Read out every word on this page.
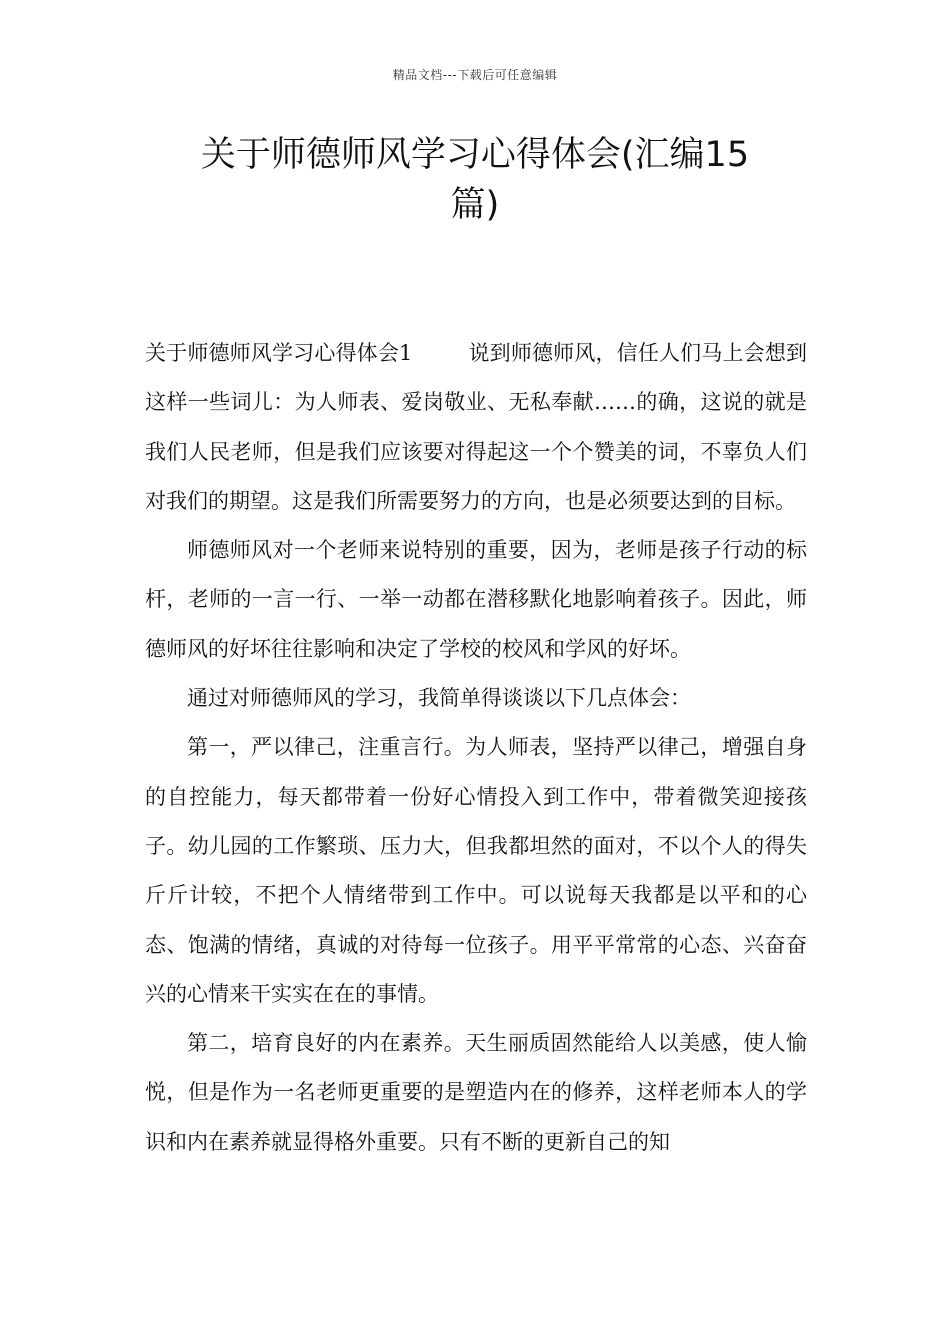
精品文档---下载后可任意编辑
关于师德师风学习心得体会(汇编15
篇)

关于师德师风学习心得体会1	说到师德师风，信任人们马上会想到这样一些词儿：为人师表、爱岗敬业、无私奉献……的确，这说的就是我们人民老师，但是我们应该要对得起这一个个赞美的词，不辜负人们对我们的期望。这是我们所需要努力的方向，也是必须要达到的目标。

师德师风对一个老师来说特别的重要，因为，老师是孩子行动的标杆，老师的一言一行、一举一动都在潜移默化地影响着孩子。因此，师德师风的好坏往往影响和决定了学校的校风和学风的好坏。

通过对师德师风的学习，我简单得谈谈以下几点体会：

第一，严以律己，注重言行。为人师表，坚持严以律己，增强自身的自控能力，每天都带着一份好心情投入到工作中，带着微笑迎接孩子。幼儿园的工作繁琐、压力大，但我都坦然的面对，不以个人的得失斤斤计较，不把个人情绪带到工作中。可以说每天我都是以平和的心态、饱满的情绪，真诚的对待每一位孩子。用平平常常的心态、兴奋奋兴的心情来干实实在在的事情。

第二，培育良好的内在素养。天生丽质固然能给人以美感，使人愉悦，但是作为一名老师更重要的是塑造内在的修养，这样老师本人的学识和内在素养就显得格外重要。只有不断的更新自己的知
